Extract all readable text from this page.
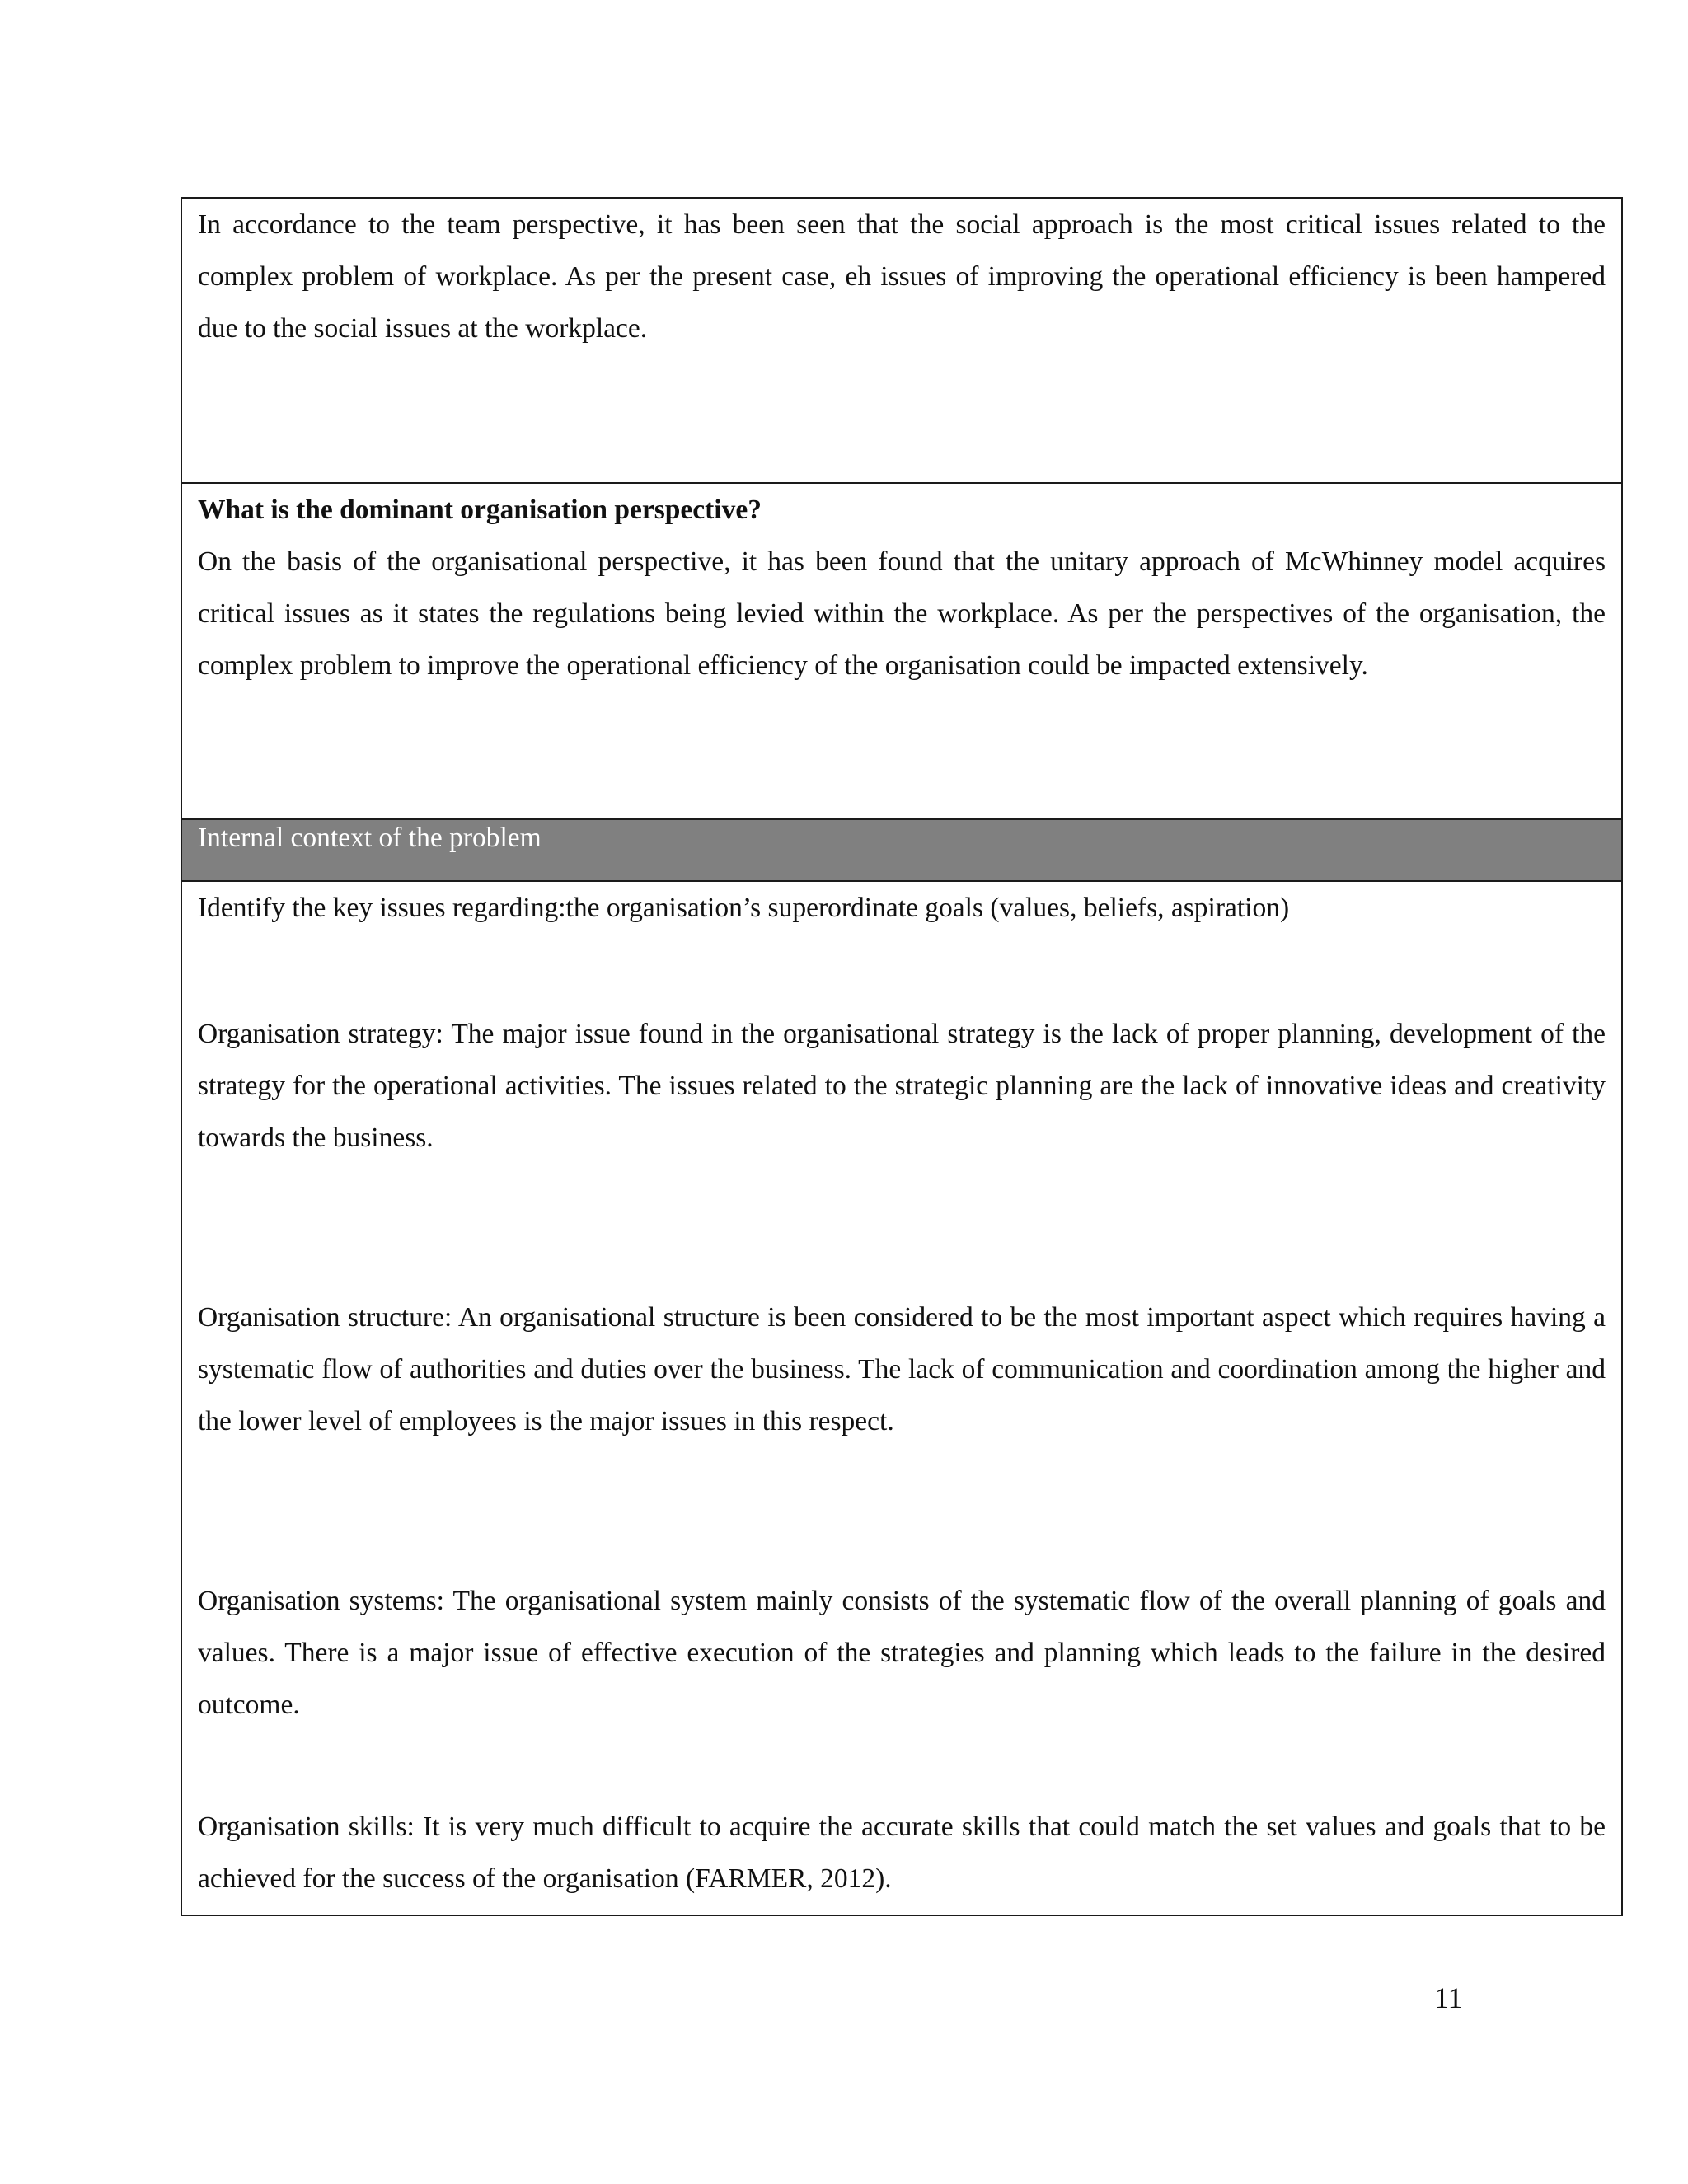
In accordance to the team perspective, it has been seen that the social approach is the most critical issues related to the complex problem of workplace. As per the present case, eh issues of improving the operational efficiency is been hampered due to the social issues at the workplace.

What is the dominant organisation perspective?

On the basis of the organisational perspective, it has been found that the unitary approach of McWhinney model acquires critical issues as it states the regulations being levied within the workplace. As per the perspectives of the organisation, the complex problem to improve the operational efficiency of the organisation could be impacted extensively.

Internal context of the problem

Identify the key issues regarding:the organisation’s superordinate goals (values, beliefs, aspiration)

Organisation strategy: The major issue found in the organisational strategy is the lack of proper planning, development of the strategy for the operational activities. The issues related to the strategic planning are the lack of innovative ideas and creativity towards the business.

Organisation structure: An organisational structure is been considered to be the most important aspect which requires having a systematic flow of authorities and duties over the business. The lack of communication and coordination among the higher and the lower level of employees is the major issues in this respect.

Organisation systems: The organisational system mainly consists of the systematic flow of the overall planning of goals and values. There is a major issue of effective execution of the strategies and planning which leads to the failure in the desired outcome.

Organisation skills: It is very much difficult to acquire the accurate skills that could match the set values and goals that to be achieved for the success of the organisation (FARMER, 2012).

11
